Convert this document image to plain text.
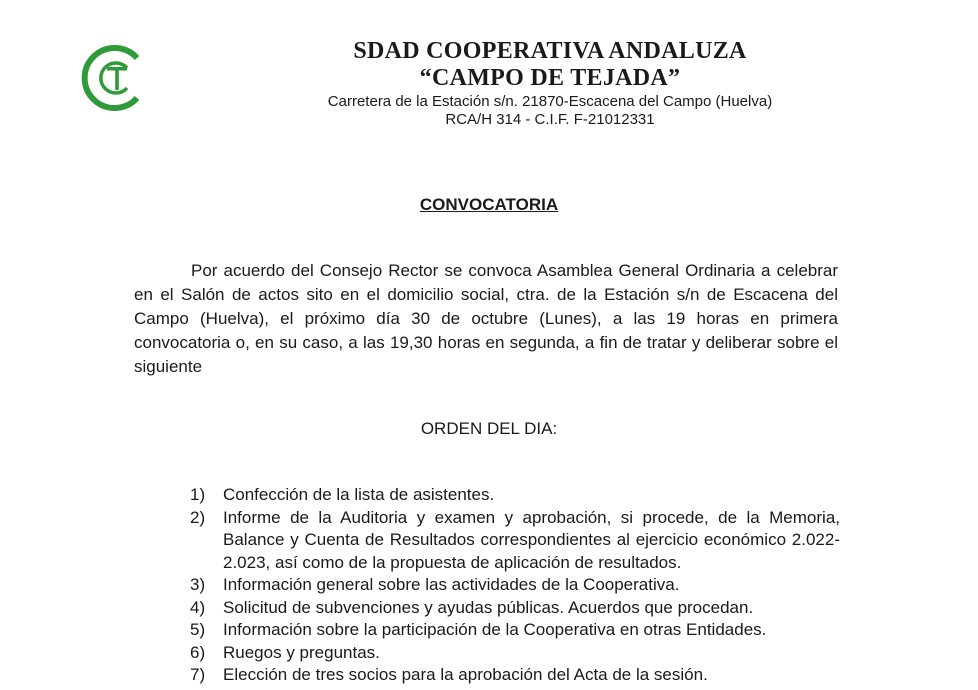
SDAD COOPERATIVA ANDALUZA
“CAMPO DE TEJADA”

Carretera de la Estación s/n. 21870-Escacena del Campo (Huelva)

RCA/H 314 - C.I.F. F-21012331

CONVOCATORIA

Por acuerdo del Consejo Rector se convoca Asamblea General Ordinaria a celebrar en el Salón de actos sito en el domicilio social, ctra. de la Estación s/n de Escacena del Campo (Huelva), el próximo día 30 de octubre (Lunes), a las 19 horas en primera convocatoria o, en su caso, a las 19,30 horas en segunda, a fin de tratar y deliberar sobre el siguiente

ORDEN DEL DIA:

1)	Confección de la lista de asistentes.
2)	Informe de la Auditoria y examen y aprobación, si procede, de la Memoria, Balance y Cuenta de Resultados correspondientes al ejercicio económico 2.022-2.023, así como de la propuesta de aplicación de resultados.
3)	Información general sobre las actividades de la Cooperativa.
4)	Solicitud de subvenciones y ayudas públicas. Acuerdos que procedan.
5)	Información sobre la participación de la Cooperativa en otras Entidades.
6)	Ruegos y preguntas.
7)	Elección de tres socios para la aprobación del Acta de la sesión.
